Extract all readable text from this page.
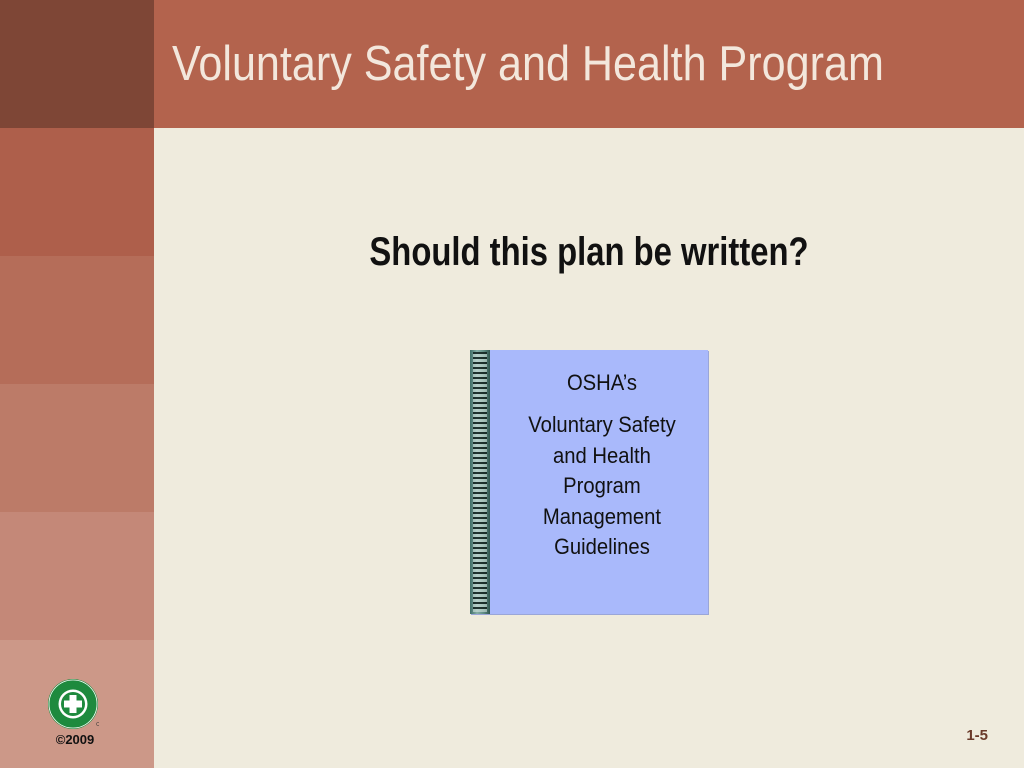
Voluntary Safety and Health Program
Should this plan be written?
OSHA’s
Voluntary Safety
and Health
Program
Management
Guidelines
©2009	1-5
